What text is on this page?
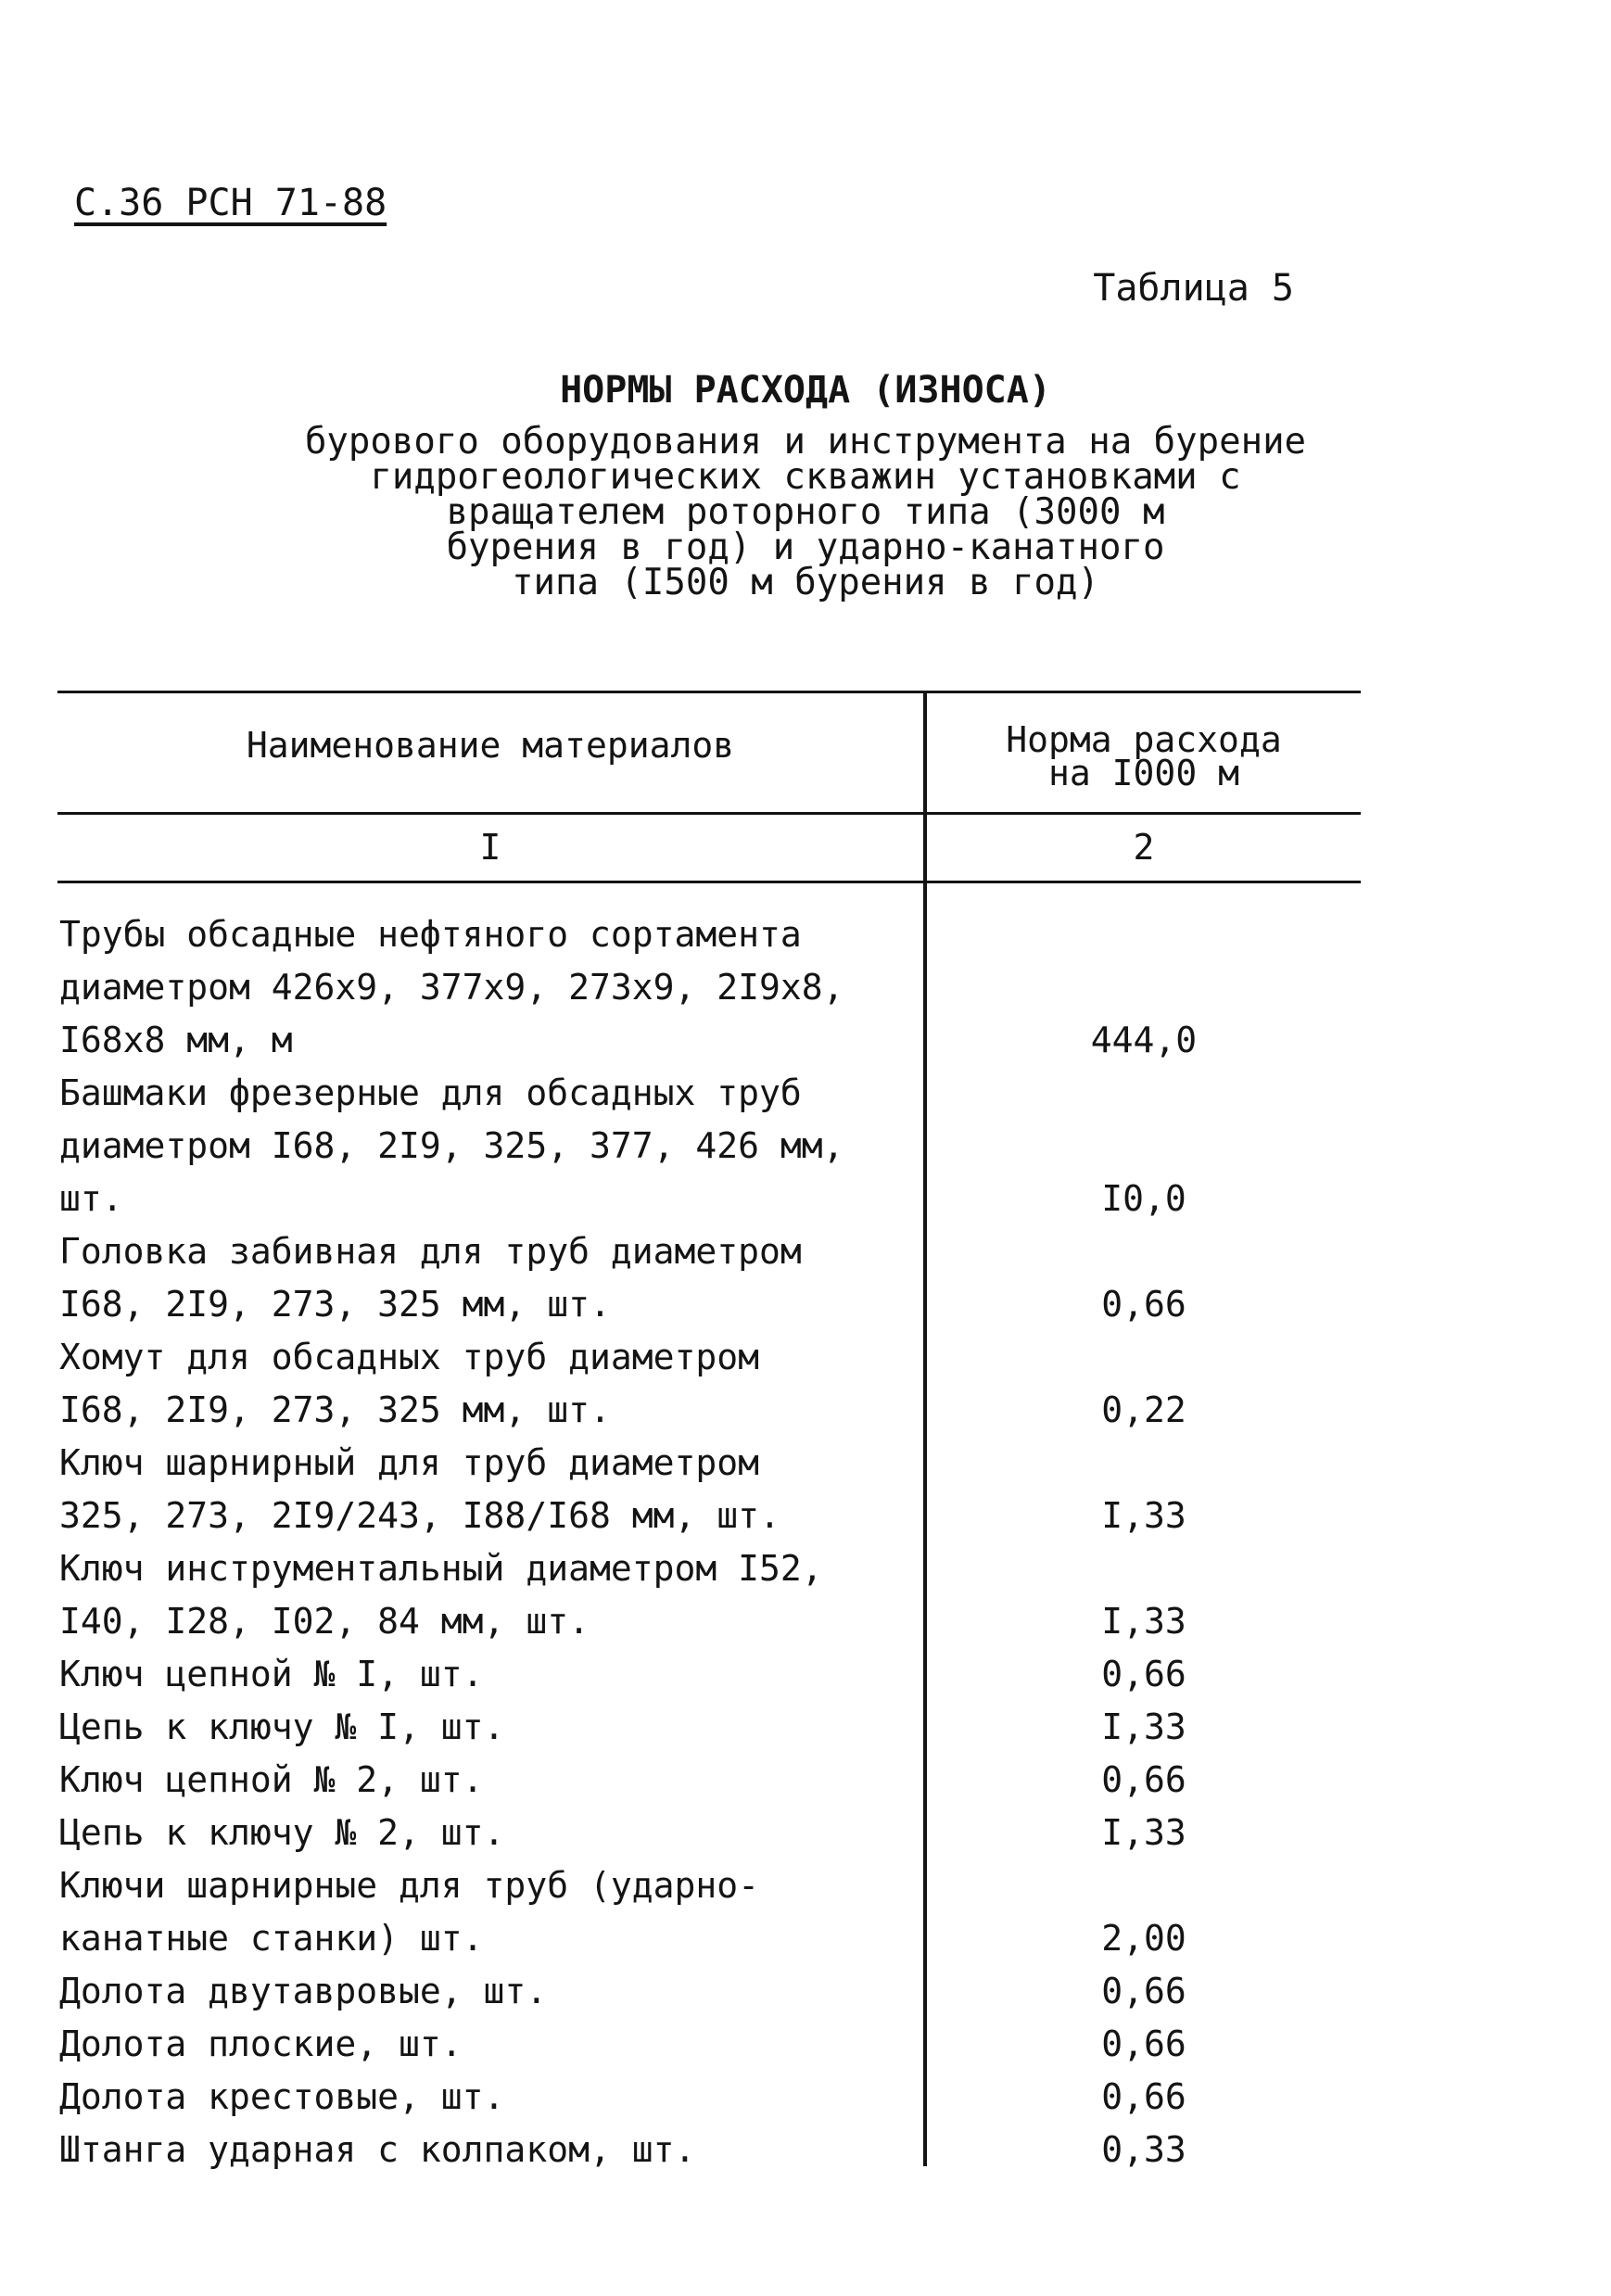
С.36 РСН 71-88
Таблица 5
НОРМЫ РАСХОДА (ИЗНОСА)
бурового оборудования и инструмента на бурение
гидрогеологических скважин установками с
вращателем роторного типа (3000 м
бурения в год) и ударно-канатного
типа (I500 м бурения в год)
Наименование материалов	Норма расхода
на I000 м
I	2
Трубы обсадные нефтяного сортамента
диаметром 426х9, 377х9, 273х9, 2I9х8,
I68х8 мм, м	444,0
Башмаки фрезерные для обсадных труб
диаметром I68, 2I9, 325, 377, 426 мм,
шт.	I0,0
Головка забивная для труб диаметром
I68, 2I9, 273, 325 мм, шт.	0,66
Хомут для обсадных труб диаметром
I68, 2I9, 273, 325 мм, шт.	0,22
Ключ шарнирный для труб диаметром
325, 273, 2I9/243, I88/I68 мм, шт.	I,33
Ключ инструментальный диаметром I52,
I40, I28, I02, 84 мм, шт.	I,33
Ключ цепной № I, шт.	0,66
Цепь к ключу № I, шт.	I,33
Ключ цепной № 2, шт.	0,66
Цепь к ключу № 2, шт.	I,33
Ключи шарнирные для труб (ударно-
канатные станки) шт.	2,00
Долота двутавровые, шт.	0,66
Долота плоские, шт.	0,66
Долота крестовые, шт.	0,66
Штанга ударная с колпаком, шт.	0,33
